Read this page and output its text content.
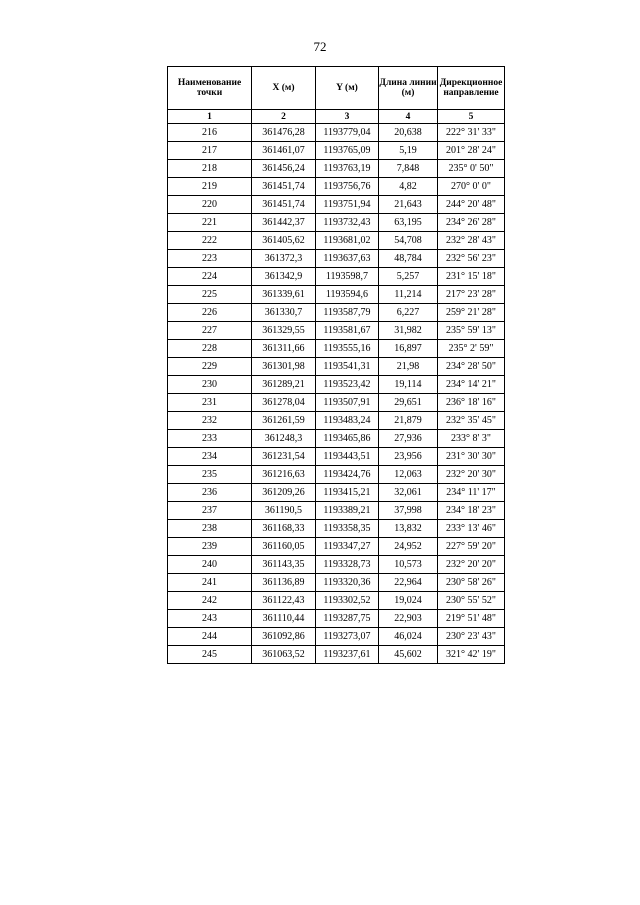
72
Наименование точки	X (м)	Y (м)	Длина линии (м)	Дирекционное направление
1	2	3	4	5
216	361476,28	1193779,04	20,638	222° 31' 33"
217	361461,07	1193765,09	5,19	201° 28' 24"
218	361456,24	1193763,19	7,848	235° 0' 50"
219	361451,74	1193756,76	4,82	270° 0' 0"
220	361451,74	1193751,94	21,643	244° 20' 48"
221	361442,37	1193732,43	63,195	234° 26' 28"
222	361405,62	1193681,02	54,708	232° 28' 43"
223	361372,3	1193637,63	48,784	232° 56' 23"
224	361342,9	1193598,7	5,257	231° 15' 18"
225	361339,61	1193594,6	11,214	217° 23' 28"
226	361330,7	1193587,79	6,227	259° 21' 28"
227	361329,55	1193581,67	31,982	235° 59' 13"
228	361311,66	1193555,16	16,897	235° 2' 59"
229	361301,98	1193541,31	21,98	234° 28' 50"
230	361289,21	1193523,42	19,114	234° 14' 21"
231	361278,04	1193507,91	29,651	236° 18' 16"
232	361261,59	1193483,24	21,879	232° 35' 45"
233	361248,3	1193465,86	27,936	233° 8' 3"
234	361231,54	1193443,51	23,956	231° 30' 30"
235	361216,63	1193424,76	12,063	232° 20' 30"
236	361209,26	1193415,21	32,061	234° 11' 17"
237	361190,5	1193389,21	37,998	234° 18' 23"
238	361168,33	1193358,35	13,832	233° 13' 46"
239	361160,05	1193347,27	24,952	227° 59' 20"
240	361143,35	1193328,73	10,573	232° 20' 20"
241	361136,89	1193320,36	22,964	230° 58' 26"
242	361122,43	1193302,52	19,024	230° 55' 52"
243	361110,44	1193287,75	22,903	219° 51' 48"
244	361092,86	1193273,07	46,024	230° 23' 43"
245	361063,52	1193237,61	45,602	321° 42' 19"
